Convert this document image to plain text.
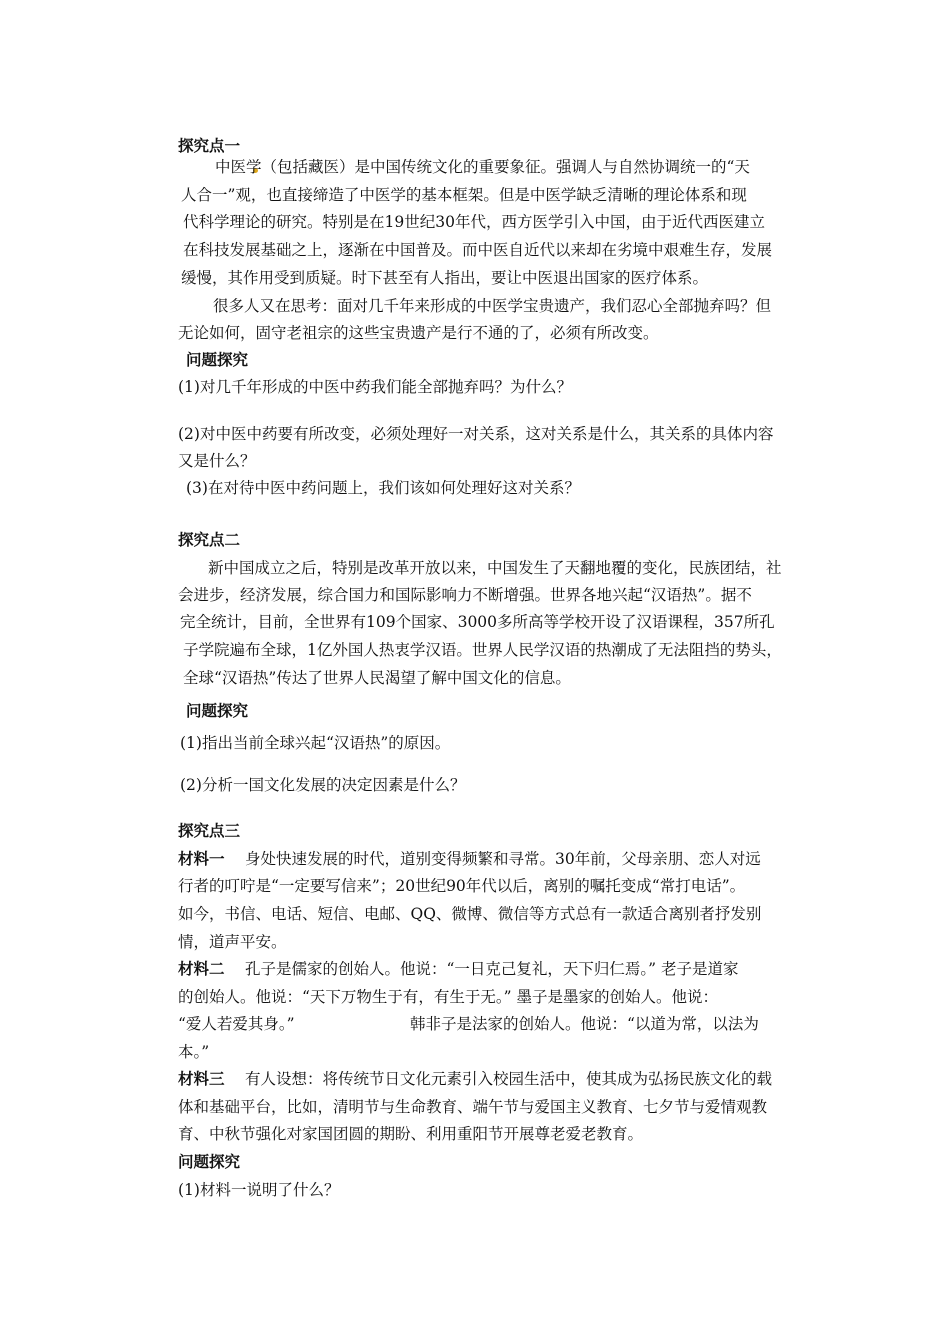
探究点一
中医学（包括藏医）是中国传统文化的重要象征。强调人与自然协调统一的“天
人合一”观，也直接缔造了中医学的基本框架。但是中医学缺乏清晰的理论体系和现
代科学理论的研究。特别是在19世纪30年代，西方医学引入中国，由于近代西医建立
在科技发展基础之上，逐渐在中国普及。而中医自近代以来却在劣境中艰难生存，发展
缓慢，其作用受到质疑。时下甚至有人指出，要让中医退出国家的医疗体系。
很多人又在思考：面对几千年来形成的中医学宝贵遗产，我们忍心全部抛弃吗？但
无论如何，固守老祖宗的这些宝贵遗产是行不通的了，必须有所改变。
问题探究
(1)对几千年形成的中医中药我们能全部抛弃吗？为什么？
(2)对中医中药要有所改变，必须处理好一对关系，这对关系是什么，其关系的具体内容
又是什么？
(3)在对待中医中药问题上，我们该如何处理好这对关系？
探究点二
新中国成立之后，特别是改革开放以来，中国发生了天翻地覆的变化，民族团结，社
会进步，经济发展，综合国力和国际影响力不断增强。世界各地兴起“汉语热”。据不
完全统计，目前，全世界有109个国家、3000多所高等学校开设了汉语课程，357所孔
子学院遍布全球，1亿外国人热衷学汉语。世界人民学汉语的热潮成了无法阻挡的势头，
全球“汉语热”传达了世界人民渴望了解中国文化的信息。
问题探究
(1)指出当前全球兴起“汉语热”的原因。
(2)分析一国文化发展的决定因素是什么？
探究点三
材料一 身处快速发展的时代，道别变得频繁和寻常。30年前，父母亲朋、恋人对远
行者的叮咛是“一定要写信来”；20世纪90年代以后，离别的嘱托变成“常打电话”。
如今，书信、电话、短信、电邮、QQ、微博、微信等方式总有一款适合离别者抒发别
情，道声平安。
材料二 孔子是儒家的创始人。他说：“一日克己复礼，天下归仁焉。” 老子是道家
的创始人。他说：“天下万物生于有，有生于无。” 墨子是墨家的创始人。他说：
“爱人若爱其身。”	韩非子是法家的创始人。他说：“以道为常，以法为
本。”
材料三 有人设想：将传统节日文化元素引入校园生活中，使其成为弘扬民族文化的载
体和基础平台，比如，清明节与生命教育、端午节与爱国主义教育、七夕节与爱情观教
育、中秋节强化对家国团圆的期盼、利用重阳节开展尊老爱老教育。
问题探究
(1)材料一说明了什么？
